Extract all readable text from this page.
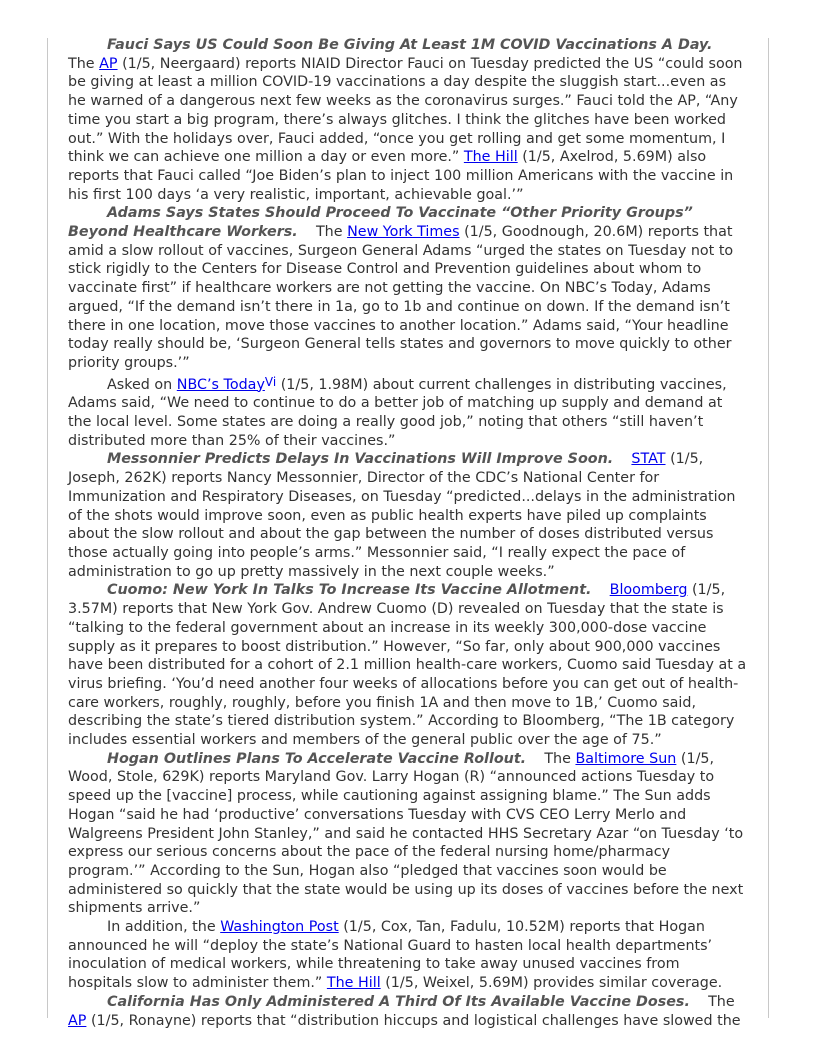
Fauci Says US Could Soon Be Giving At Least 1M COVID Vaccinations A Day.    The AP (1/5, Neergaard) reports NIAID Director Fauci on Tuesday predicted the US “could soon be giving at least a million COVID-19 vaccinations a day despite the sluggish start...even as he warned of a dangerous next few weeks as the coronavirus surges.” Fauci told the AP, “Any time you start a big program, there’s always glitches. I think the glitches have been worked out.” With the holidays over, Fauci added, “once you get rolling and get some momentum, I think we can achieve one million a day or even more.” The Hill (1/5, Axelrod, 5.69M) also reports that Fauci called “Joe Biden’s plan to inject 100 million Americans with the vaccine in his first 100 days ‘a very realistic, important, achievable goal.’”

Adams Says States Should Proceed To Vaccinate “Other Priority Groups” Beyond Healthcare Workers. The New York Times (1/5, Goodnough, 20.6M) reports that amid a slow rollout of vaccines, Surgeon General Adams “urged the states on Tuesday not to stick rigidly to the Centers for Disease Control and Prevention guidelines about whom to vaccinate first” if healthcare workers are not getting the vaccine. On NBC’s Today, Adams argued, “If the demand isn’t there in 1a, go to 1b and continue on down. If the demand isn’t there in one location, move those vaccines to another location.” Adams said, “Your headline today really should be, ‘Surgeon General tells states and governors to move quickly to other priority groups.’”

Asked on NBC’s Today$^{Vi}$ (1/5, 1.98M) about current challenges in distributing vaccines, Adams said, “We need to continue to do a better job of matching up supply and demand at the local level. Some states are doing a really good job,” noting that others “still haven’t distributed more than 25% of their vaccines.”

Messonnier Predicts Delays In Vaccinations Will Improve Soon. STAT (1/5, Joseph, 262K) reports Nancy Messonnier, Director of the CDC’s National Center for Immunization and Respiratory Diseases, on Tuesday “predicted...delays in the administration of the shots would improve soon, even as public health experts have piled up complaints about the slow rollout and about the gap between the number of doses distributed versus those actually going into people’s arms.” Messonnier said, “I really expect the pace of administration to go up pretty massively in the next couple weeks.”

Cuomo: New York In Talks To Increase Its Vaccine Allotment. Bloomberg (1/5, 3.57M) reports that New York Gov. Andrew Cuomo (D) revealed on Tuesday that the state is “talking to the federal government about an increase in its weekly 300,000-dose vaccine supply as it prepares to boost distribution.” However, “So far, only about 900,000 vaccines have been distributed for a cohort of 2.1 million health-care workers, Cuomo said Tuesday at a virus briefing. ‘You’d need another four weeks of allocations before you can get out of health-care workers, roughly, roughly, before you finish 1A and then move to 1B,’ Cuomo said, describing the state’s tiered distribution system.” According to Bloomberg, “The 1B category includes essential workers and members of the general public over the age of 75.”

Hogan Outlines Plans To Accelerate Vaccine Rollout. The Baltimore Sun (1/5, Wood, Stole, 629K) reports Maryland Gov. Larry Hogan (R) “announced actions Tuesday to speed up the [vaccine] process, while cautioning against assigning blame.” The Sun adds Hogan “said he had ‘productive’ conversations Tuesday with CVS CEO Lerry Merlo and Walgreens President John Stanley,” and said he contacted HHS Secretary Azar “on Tuesday ‘to express our serious concerns about the pace of the federal nursing home/pharmacy program.’” According to the Sun, Hogan also “pledged that vaccines soon would be administered so quickly that the state would be using up its doses of vaccines before the next shipments arrive.”

In addition, the Washington Post (1/5, Cox, Tan, Fadulu, 10.52M) reports that Hogan announced he will “deploy the state’s National Guard to hasten local health departments’ inoculation of medical workers, while threatening to take away unused vaccines from hospitals slow to administer them.” The Hill (1/5, Weixel, 5.69M) provides similar coverage.

California Has Only Administered A Third Of Its Available Vaccine Doses. The AP (1/5, Ronayne) reports that “distribution hiccups and logistical challenges have slowed the
